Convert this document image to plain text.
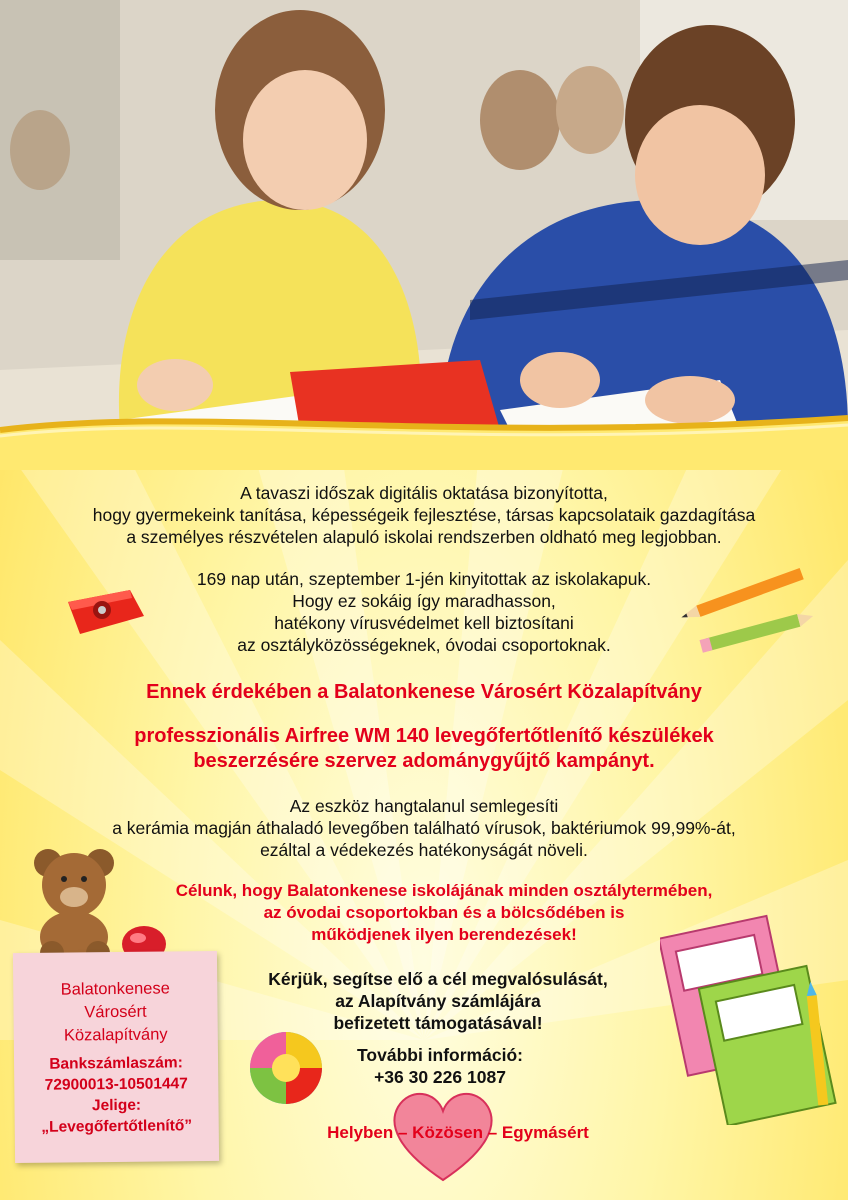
A tavaszi időszak digitális oktatása bizonyította,
hogy gyermekeink tanítása, képességeik fejlesztése, társas kapcsolataik gazdagítása
a személyes részvételen alapuló iskolai rendszerben oldható meg legjobban.
169 nap után, szeptember 1-jén kinyitottak az iskolakapuk.
Hogy ez sokáig így maradhasson,
hatékony vírusvédelmet kell biztosítani
az osztályközösségeknek, óvodai csoportoknak.
Ennek érdekében a Balatonkenese Városért Közalapítvány
professzionális Airfree WM 140 levegőfertőtlenítő készülékek
beszerzésére szervez adománygyűjtő kampányt.
Az eszköz hangtalanul semlegesíti
a kerámia magján áthaladó levegőben található vírusok, baktériumok 99,99%-át,
ezáltal a védekezés hatékonyságát növeli.
Célunk, hogy Balatonkenese iskolájának minden osztálytermében,
az óvodai csoportokban és a bölcsődében is
működjenek ilyen berendezések!
Kérjük, segítse elő a cél megvalósulását,
az Alapítvány számlájára
befizetett támogatásával!
További információ:
+36 30 226 1087
Helyben – Közösen – Egymásért
Balatonkenese
Városért
Közalapítvány
Bankszámlaszám:
72900013-10501447
Jelige:
„Levegőfertőtlenítő”
